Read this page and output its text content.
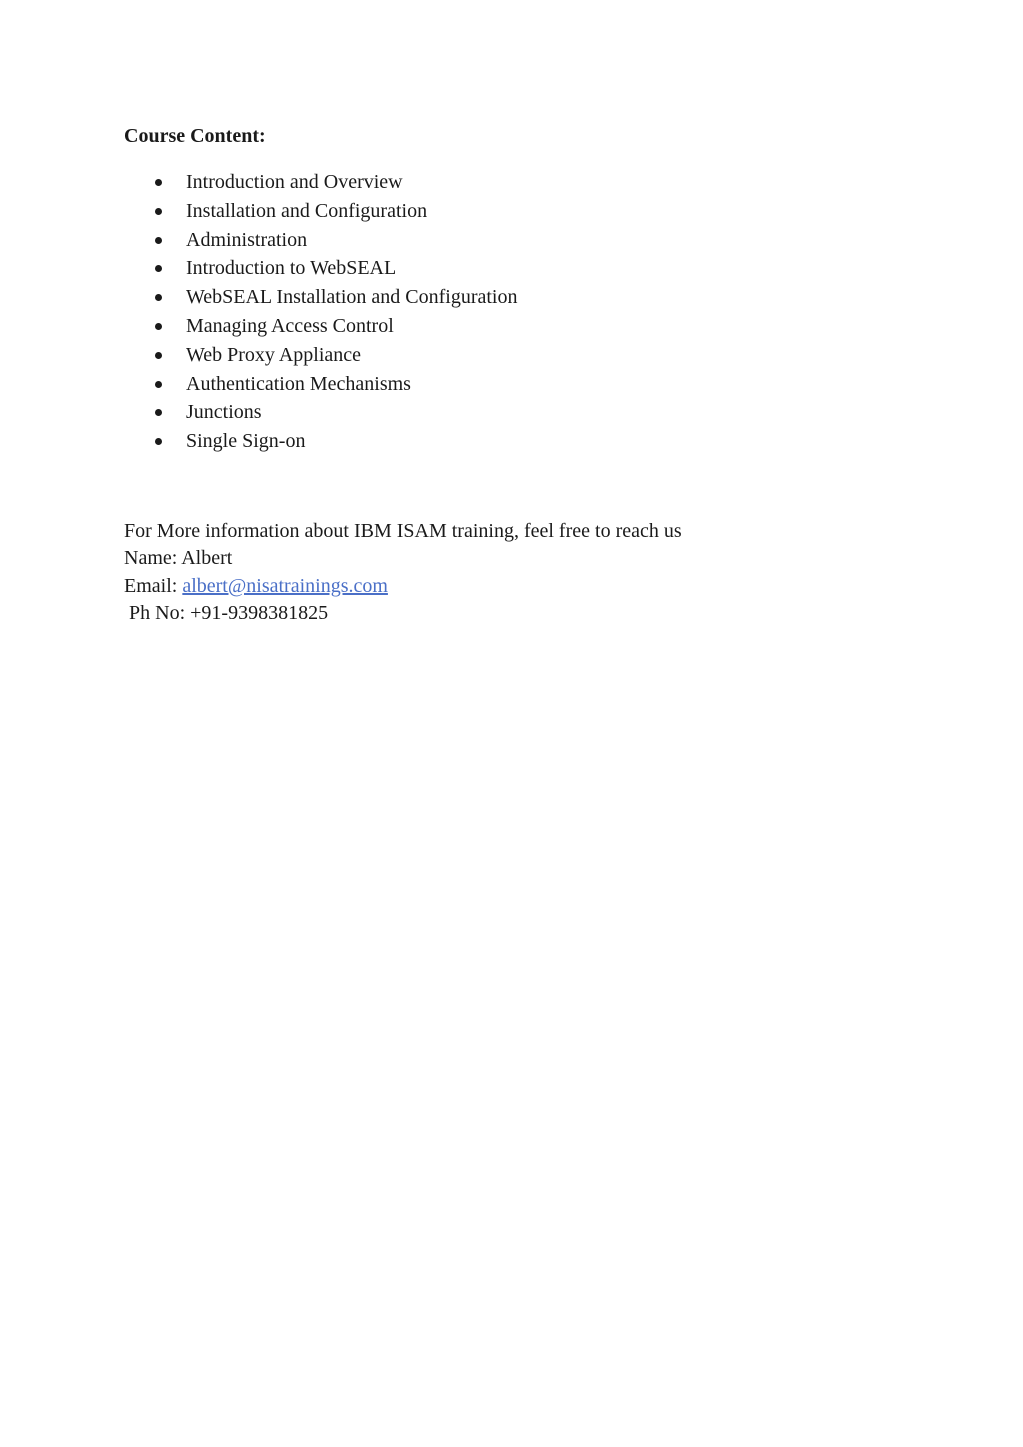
Course Content:
Introduction and Overview
Installation and Configuration
Administration
Introduction to WebSEAL
WebSEAL Installation and Configuration
Managing Access Control
Web Proxy Appliance
Authentication Mechanisms
Junctions
Single Sign-on
For More information about IBM ISAM training, feel free to reach us
Name: Albert
Email: albert@nisatrainings.com
Ph No: +91-9398381825
